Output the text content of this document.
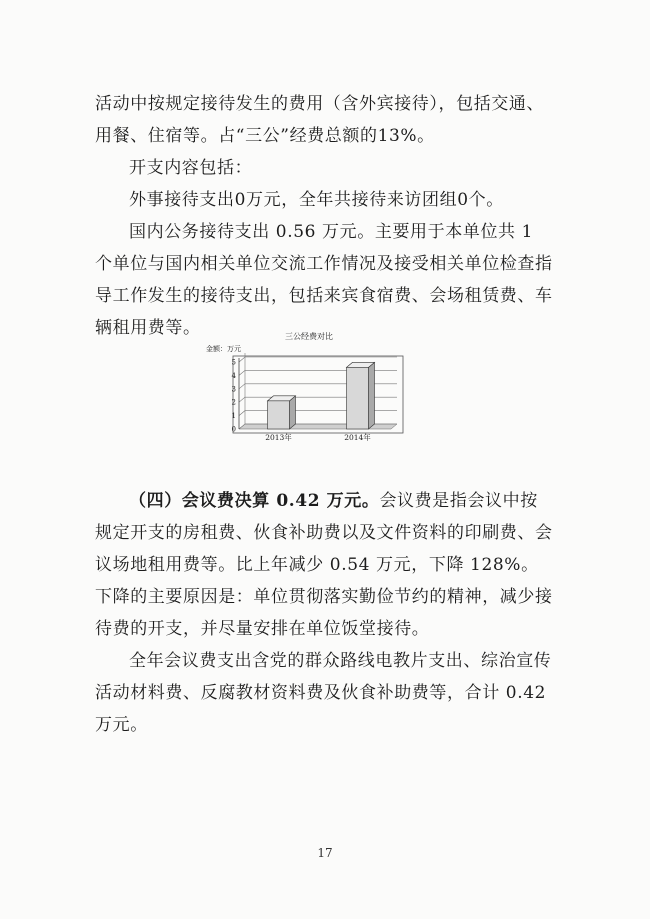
活动中按规定接待发生的费用（含外宾接待），包括交通、用餐、住宿等。占“三公”经费总额的13%。

开支内容包括：

外事接待支出0万元，全年共接待来访团组0个。

国内公务接待支出 0.56 万元。主要用于本单位共 1 个单位与国内相关单位交流工作情况及接受相关单位检查指导工作发生的接待支出，包括来宾食宿费、会场租赁费、车辆租用费等。	三公经费对比
金额：万元
0
1
2
3
4
5
2013年	2014年

（四）会议费决算 0.42 万元。会议费是指会议中按规定开支的房租费、伙食补助费以及文件资料的印刷费、会议场地租用费等。比上年减少 0.54 万元，下降 128%。下降的主要原因是：单位贯彻落实勤俭节约的精神，减少接待费的开支，并尽量安排在单位饭堂接待。

全年会议费支出含党的群众路线电教片支出、综治宣传活动材料费、反腐教材资料费及伙食补助费等，合计 0.42 万元。

17
